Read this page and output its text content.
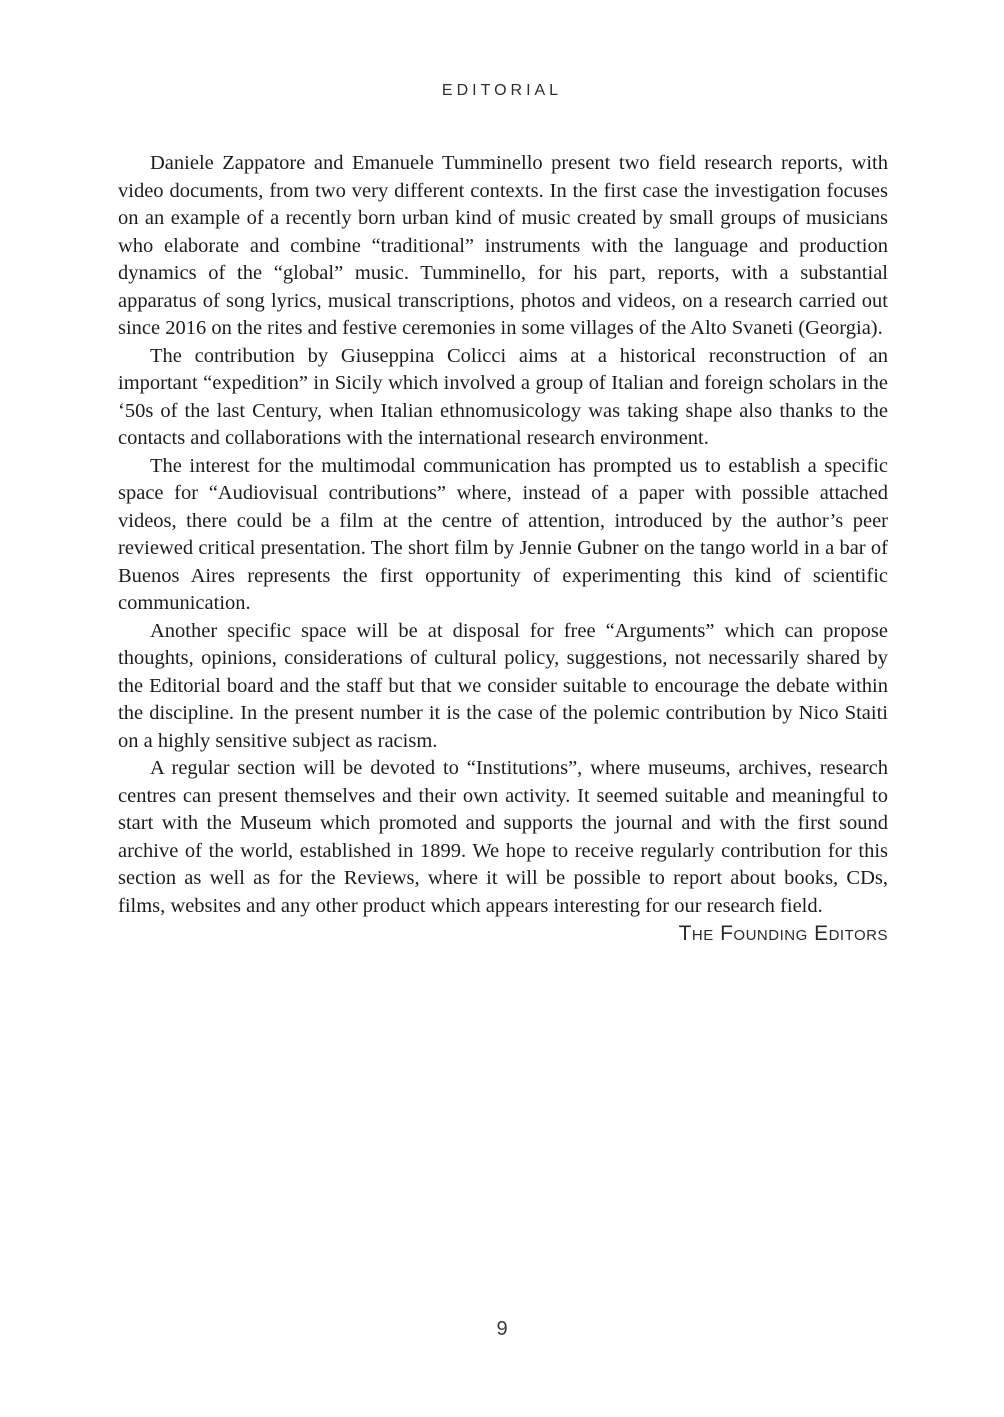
EDITORIAL

Daniele Zappatore and Emanuele Tumminello present two field research reports, with video documents, from two very different contexts. In the first case the investigation focuses on an example of a recently born urban kind of music created by small groups of musicians who elaborate and combine “traditional” instruments with the language and production dynamics of the “global” music. Tumminello, for his part, reports, with a substantial apparatus of song lyrics, musical transcriptions, photos and videos, on a research carried out since 2016 on the rites and festive ceremonies in some villages of the Alto Svaneti (Georgia).

The contribution by Giuseppina Colicci aims at a historical reconstruction of an important “expedition” in Sicily which involved a group of Italian and foreign scholars in the ‘50s of the last Century, when Italian ethnomusicology was taking shape also thanks to the contacts and collaborations with the international research environment.

The interest for the multimodal communication has prompted us to establish a specific space for “Audiovisual contributions” where, instead of a paper with possible attached videos, there could be a film at the centre of attention, introduced by the author’s peer reviewed critical presentation. The short film by Jennie Gubner on the tango world in a bar of Buenos Aires represents the first opportunity of experimenting this kind of scientific communication.

Another specific space will be at disposal for free “Arguments” which can propose thoughts, opinions, considerations of cultural policy, suggestions, not necessarily shared by the Editorial board and the staff but that we consider suitable to encourage the debate within the discipline. In the present number it is the case of the polemic contribution by Nico Staiti on a highly sensitive subject as racism.

A regular section will be devoted to “Institutions”, where museums, archives, research centres can present themselves and their own activity. It seemed suitable and meaningful to start with the Museum which promoted and supports the journal and with the first sound archive of the world, established in 1899. We hope to receive regularly contribution for this section as well as for the Reviews, where it will be possible to report about books, CDs, films, websites and any other product which appears interesting for our research field.

The Founding Editors
9
